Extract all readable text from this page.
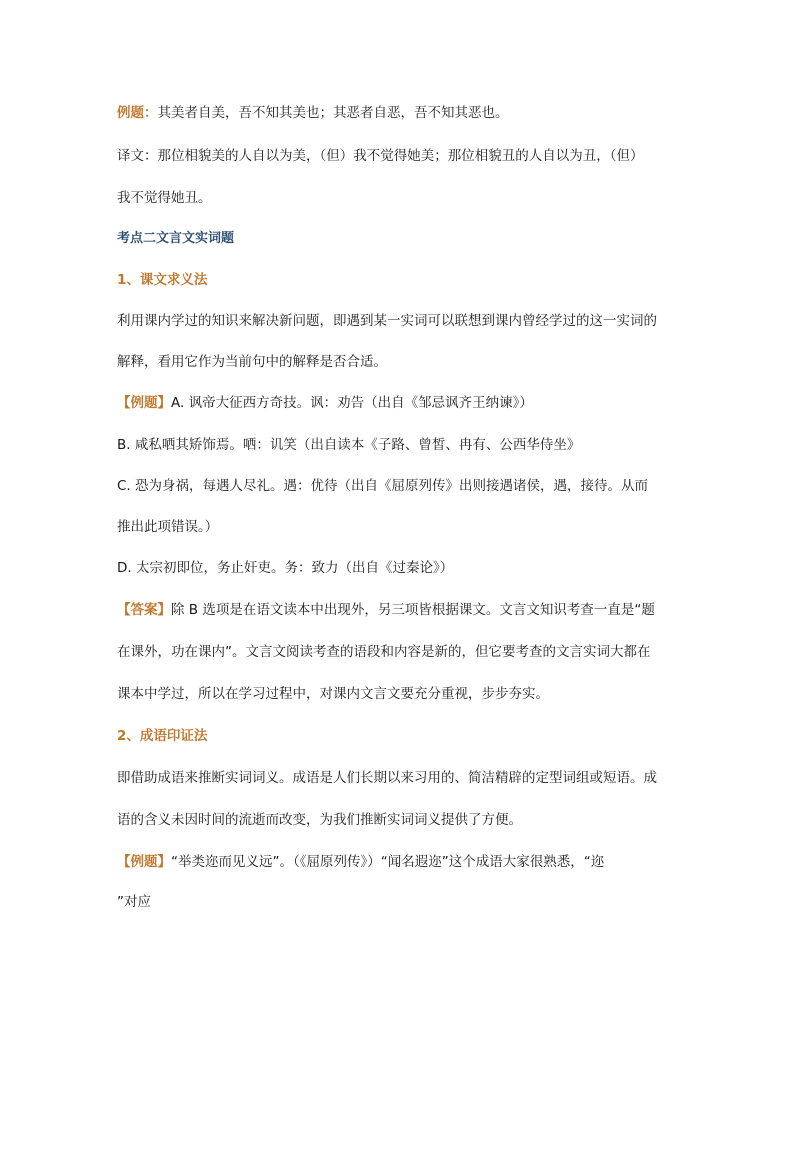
例题：其美者自美，吾不知其美也；其恶者自恶，吾不知其恶也。
译文：那位相貌美的人自以为美，（但）我不觉得她美；那位相貌丑的人自以为丑，（但）
我不觉得她丑。
考点二文言文实词题
1、课文求义法
利用课内学过的知识来解决新问题，即遇到某一实词可以联想到课内曾经学过的这一实词的
解释，看用它作为当前句中的解释是否合适。
【例题】A. 讽帝大征西方奇技。讽：劝告（出自《邹忌讽齐王纳谏》）
B. 咸私哂其矫饰焉。哂：讥笑（出自读本《子路、曾皙、冉有、公西华侍坐》
C. 恐为身祸，每遇人尽礼。遇：优待（出自《屈原列传》出则接遇诸侯，遇，接待。从而
推出此项错误。）
D. 太宗初即位，务止奸吏。务：致力（出自《过秦论》）
【答案】除 B 选项是在语文读本中出现外，另三项皆根据课文。文言文知识考查一直是“题
在课外，功在课内”。文言文阅读考查的语段和内容是新的，但它要考查的文言实词大都在
课本中学过，所以在学习过程中，对课内文言文要充分重视，步步夯实。
2、成语印证法
即借助成语来推断实词词义。成语是人们长期以来习用的、简洁精辟的定型词组或短语。成
语的含义未因时间的流逝而改变，为我们推断实词词义提供了方便。
【例题】“举类迩而见义远”。（《屈原列传》）“闻名遐迩”这个成语大家很熟悉，“迩
”对应
